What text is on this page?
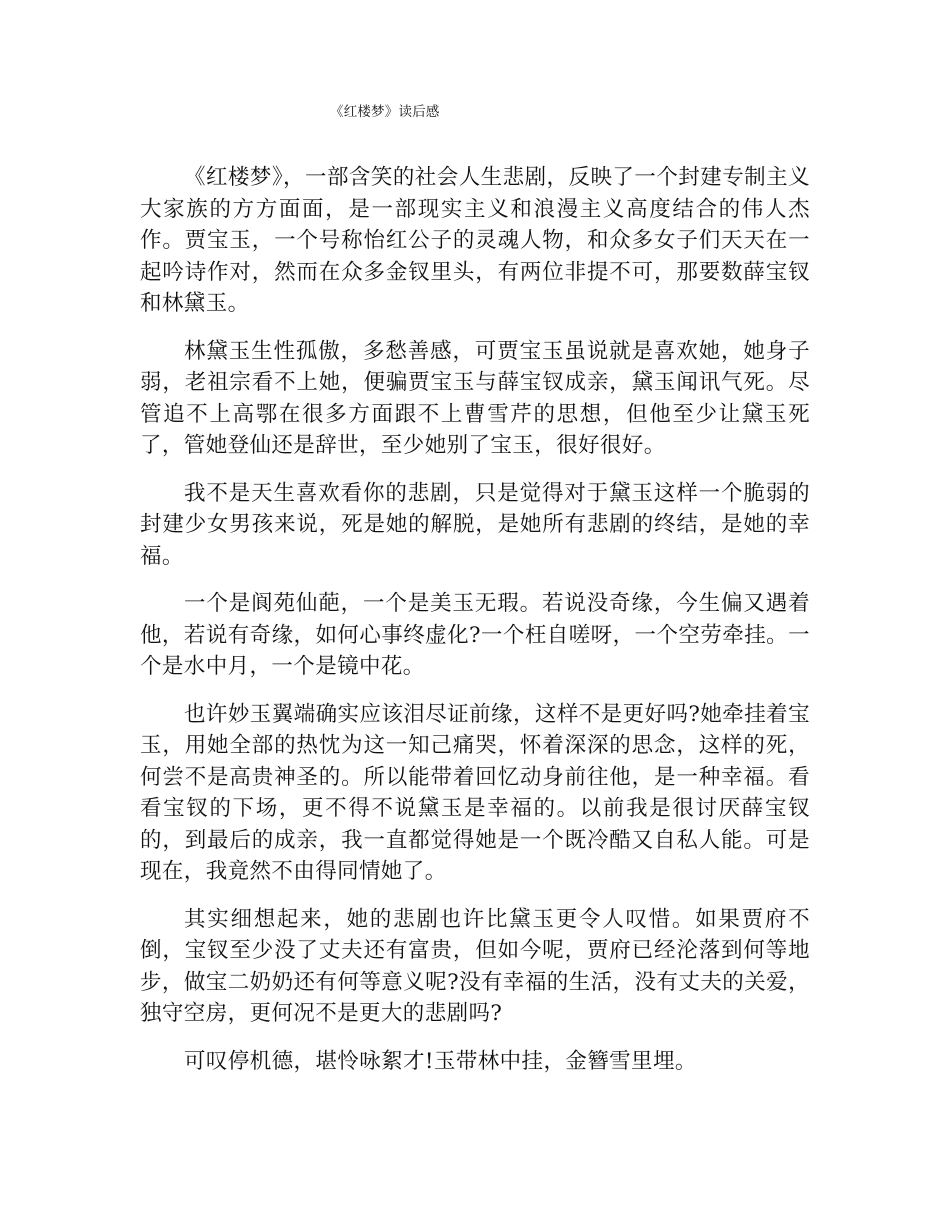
《红楼梦》读后感

《红楼梦》，一部含笑的社会人生悲剧，反映了一个封建专制主义大家族的方方面面，是一部现实主义和浪漫主义高度结合的伟人杰作。贾宝玉，一个号称怡红公子的灵魂人物，和众多女子们天天在一起吟诗作对，然而在众多金钗里头，有两位非提不可，那要数薛宝钗和林黛玉。

林黛玉生性孤傲，多愁善感，可贾宝玉虽说就是喜欢她，她身子弱，老祖宗看不上她，便骗贾宝玉与薛宝钗成亲，黛玉闻讯气死。尽管追不上高鄂在很多方面跟不上曹雪芹的思想，但他至少让黛玉死了，管她登仙还是辞世，至少她别了宝玉，很好很好。

我不是天生喜欢看你的悲剧，只是觉得对于黛玉这样一个脆弱的封建少女男孩来说，死是她的解脱，是她所有悲剧的终结，是她的幸福。

一个是阆苑仙葩，一个是美玉无瑕。若说没奇缘，今生偏又遇着他，若说有奇缘，如何心事终虚化?一个枉自嗟呀，一个空劳牵挂。一个是水中月，一个是镜中花。

也许妙玉翼端确实应该泪尽证前缘，这样不是更好吗?她牵挂着宝玉，用她全部的热忱为这一知己痛哭，怀着深深的思念，这样的死，何尝不是高贵神圣的。所以能带着回忆动身前往他，是一种幸福。看看宝钗的下场，更不得不说黛玉是幸福的。以前我是很讨厌薛宝钗的，到最后的成亲，我一直都觉得她是一个既冷酷又自私人能。可是现在，我竟然不由得同情她了。

其实细想起来，她的悲剧也许比黛玉更令人叹惜。如果贾府不倒，宝钗至少没了丈夫还有富贵，但如今呢，贾府已经沦落到何等地步，做宝二奶奶还有何等意义呢?没有幸福的生活，没有丈夫的关爱，独守空房，更何况不是更大的悲剧吗?

可叹停机德，堪怜咏絮才!玉带林中挂，金簪雪里埋。
